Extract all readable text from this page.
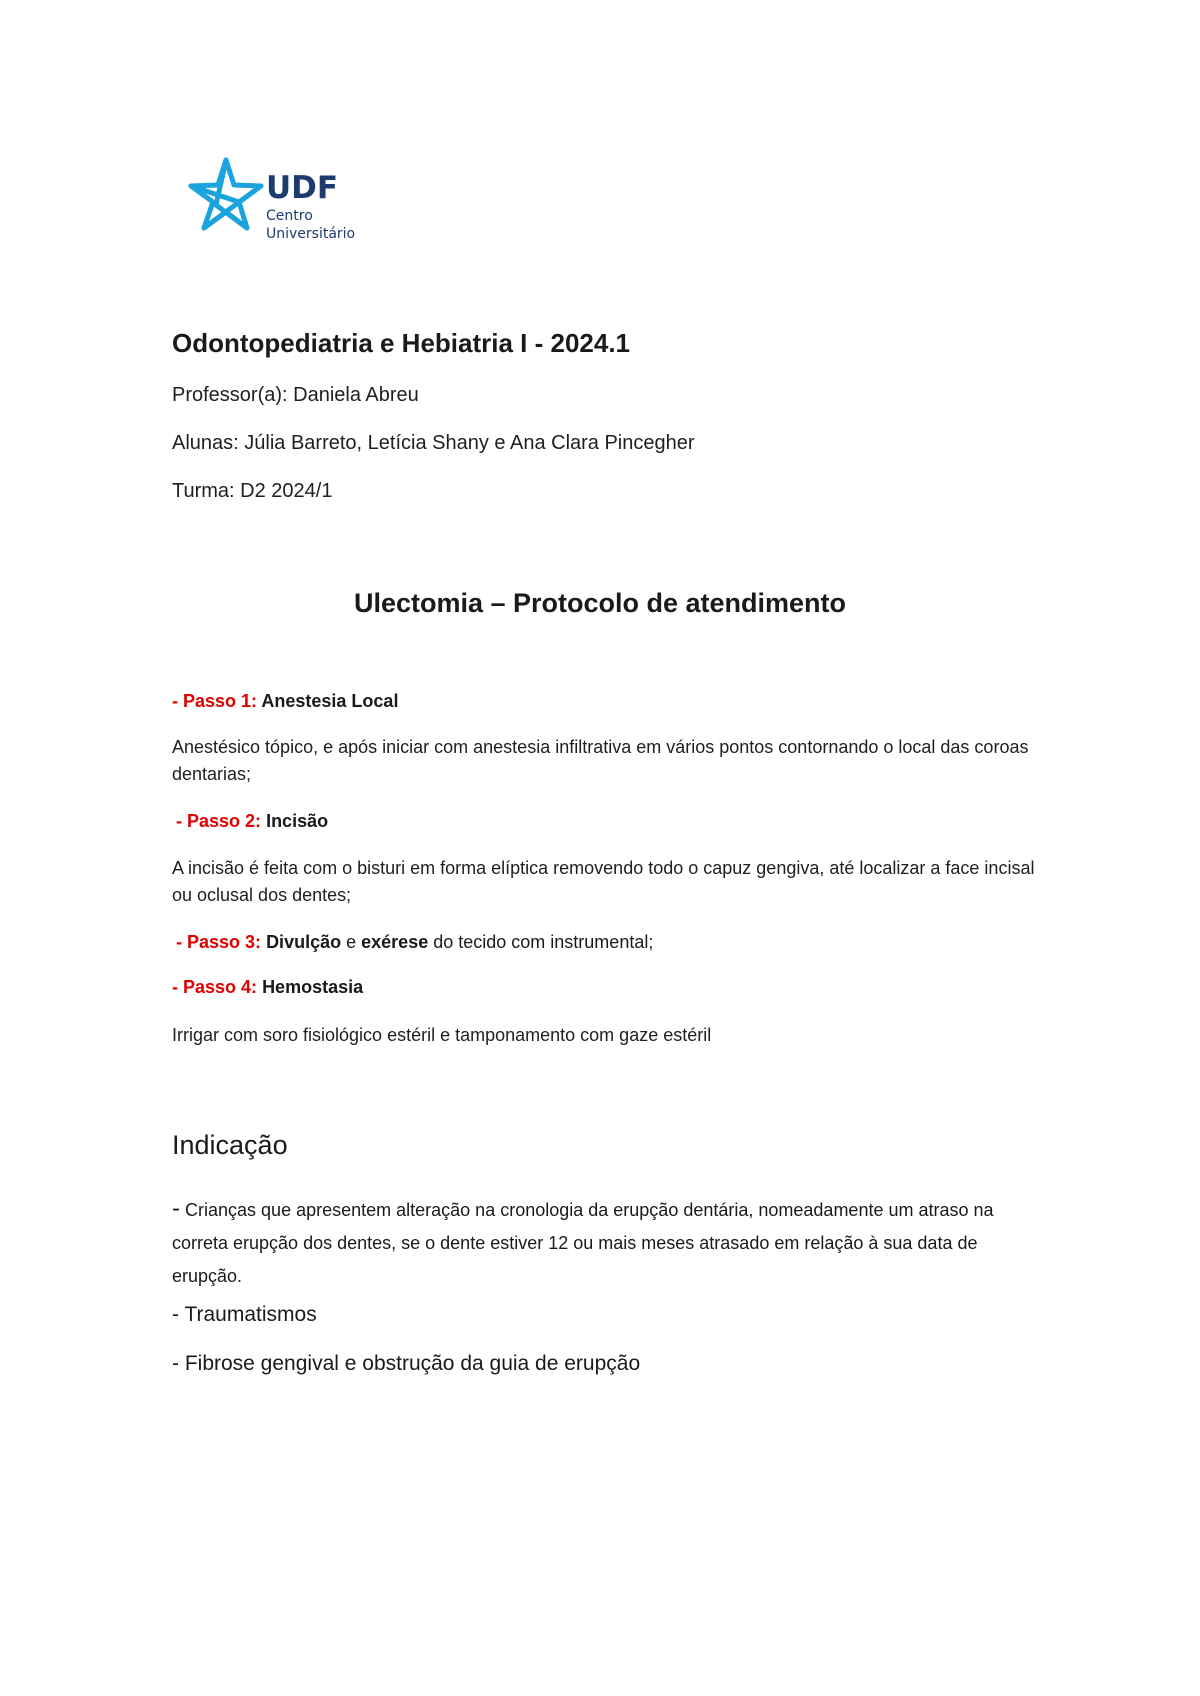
UDF
Centro
Universitário
Odontopediatria e Hebiatria I - 2024.1
Professor(a): Daniela Abreu
Alunas: Júlia Barreto, Letícia Shany e Ana Clara Pincegher
Turma: D2 2024/1
Ulectomia – Protocolo de atendimento
- Passo 1: Anestesia Local
Anestésico tópico, e após iniciar com anestesia infiltrativa em vários pontos contornando o local das coroas dentarias;
- Passo 2: Incisão
A incisão é feita com o bisturi em forma elíptica removendo todo o capuz gengiva, até localizar a face incisal ou oclusal dos dentes;
- Passo 3: Divulção e exérese do tecido com instrumental;
- Passo 4: Hemostasia
Irrigar com soro fisiológico estéril e tamponamento com gaze estéril
Indicação
- Crianças que apresentem alteração na cronologia da erupção dentária, nomeadamente um atraso na correta erupção dos dentes, se o dente estiver 12 ou mais meses atrasado em relação à sua data de erupção.
- Traumatismos
- Fibrose gengival e obstrução da guia de erupção
